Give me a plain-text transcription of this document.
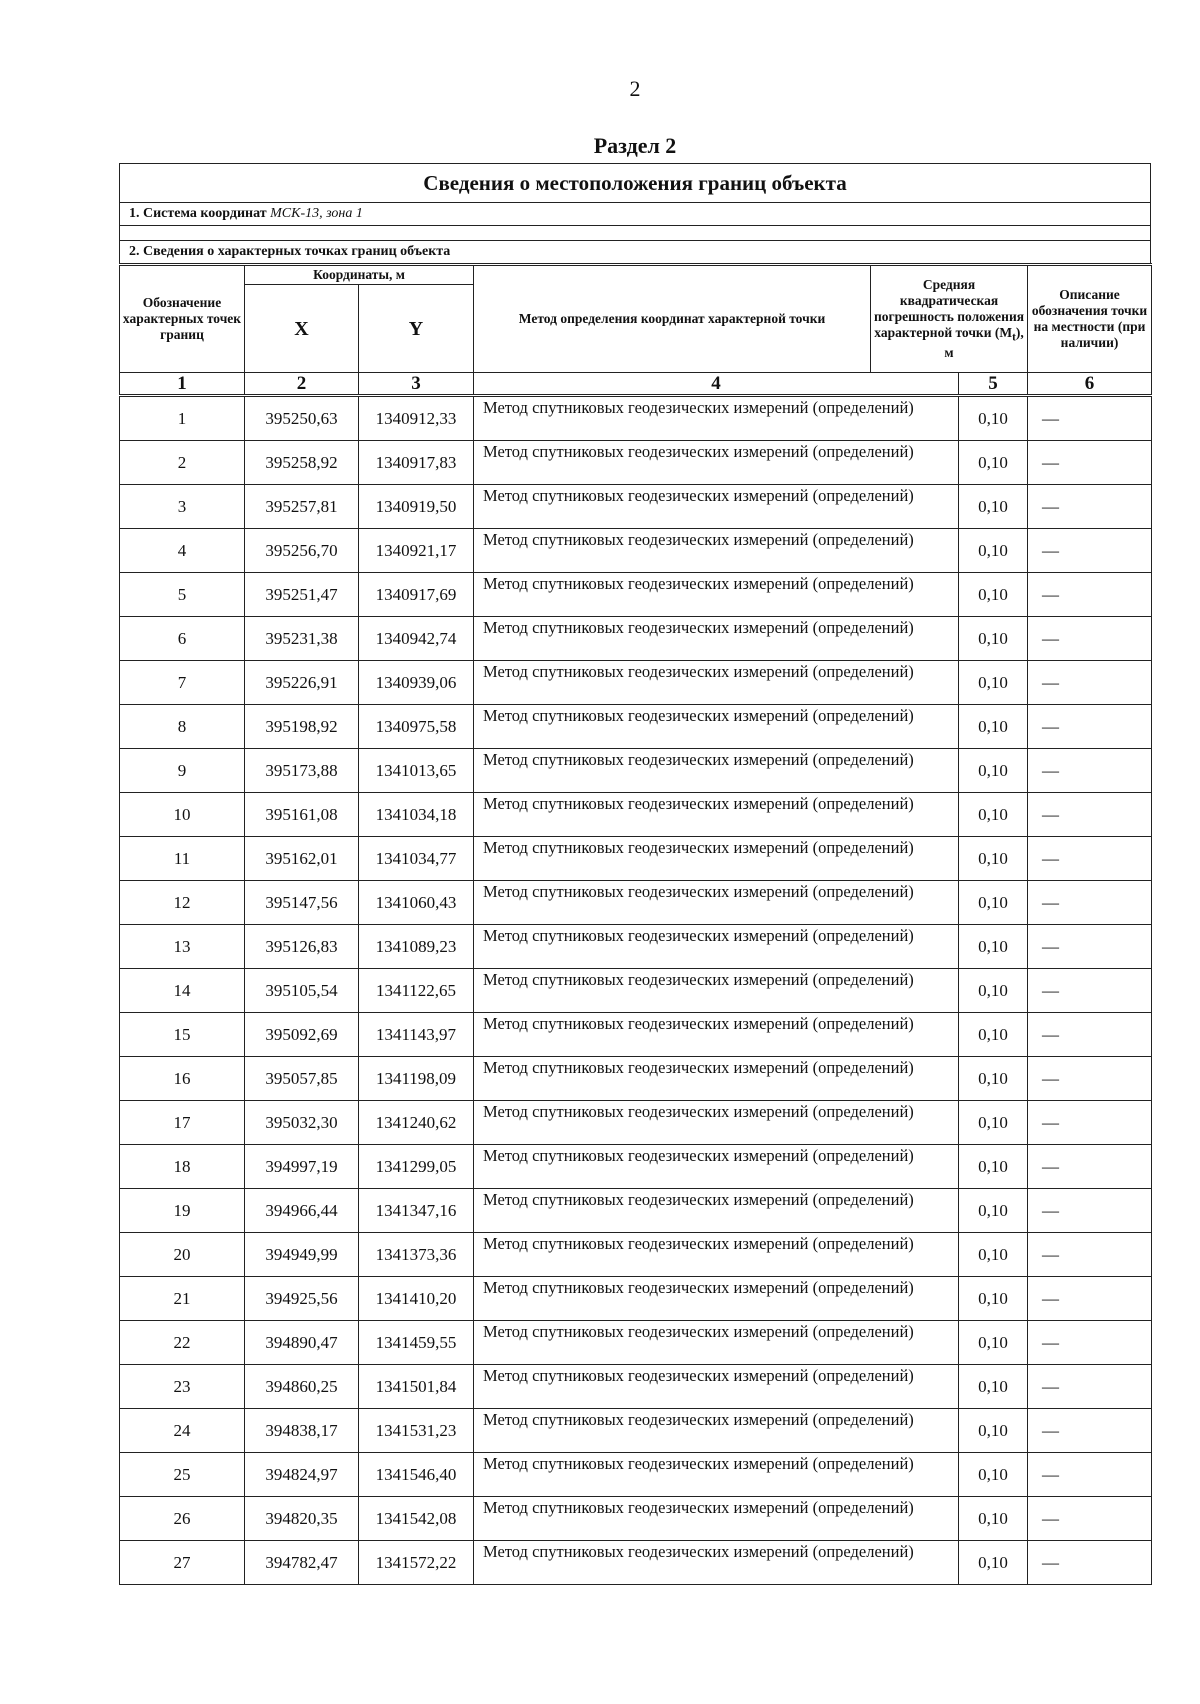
2
Раздел 2
Сведения о местоположения границ объекта
1. Система координат МСК-13, зона 1
2. Сведения о характерных точках границ объекта
Обозначение характерных точек границ	Координаты, м		Метод определения координат характерной точки
Средняя квадратическая погрешность положения характерной точки $(M_t)$, м		Описание обозначения точки на местности (при наличии)
	X	Y			
1	2	3	4	5	6
1	395250,63	1340912,33	Метод спутниковых геодезических измерений (определений)	0,10	—
2	395258,92	1340917,83	Метод спутниковых геодезических измерений (определений)	0,10	—
3	395257,81	1340919,50	Метод спутниковых геодезических измерений (определений)	0,10	—
4	395256,70	1340921,17	Метод спутниковых геодезических измерений (определений)	0,10	—
5	395251,47	1340917,69	Метод спутниковых геодезических измерений (определений)	0,10	—
6	395231,38	1340942,74	Метод спутниковых геодезических измерений (определений)	0,10	—
7	395226,91	1340939,06	Метод спутниковых геодезических измерений (определений)	0,10	—
8	395198,92	1340975,58	Метод спутниковых геодезических измерений (определений)	0,10	—
9	395173,88	1341013,65	Метод спутниковых геодезических измерений (определений)	0,10	—
10	395161,08	1341034,18	Метод спутниковых геодезических измерений (определений)	0,10	—
11	395162,01	1341034,77	Метод спутниковых геодезических измерений (определений)	0,10	—
12	395147,56	1341060,43	Метод спутниковых геодезических измерений (определений)	0,10	—
13	395126,83	1341089,23	Метод спутниковых геодезических измерений (определений)	0,10	—
14	395105,54	1341122,65	Метод спутниковых геодезических измерений (определений)	0,10	—
15	395092,69	1341143,97	Метод спутниковых геодезических измерений (определений)	0,10	—
16	395057,85	1341198,09	Метод спутниковых геодезических измерений (определений)	0,10	—
17	395032,30	1341240,62	Метод спутниковых геодезических измерений (определений)	0,10	—
18	394997,19	1341299,05	Метод спутниковых геодезических измерений (определений)	0,10	—
19	394966,44	1341347,16	Метод спутниковых геодезических измерений (определений)	0,10	—
20	394949,99	1341373,36	Метод спутниковых геодезических измерений (определений)	0,10	—
21	394925,56	1341410,20	Метод спутниковых геодезических измерений (определений)	0,10	—
22	394890,47	1341459,55	Метод спутниковых геодезических измерений (определений)	0,10	—
23	394860,25	1341501,84	Метод спутниковых геодезических измерений (определений)	0,10	—
24	394838,17	1341531,23	Метод спутниковых геодезических измерений (определений)	0,10	—
25	394824,97	1341546,40	Метод спутниковых геодезических измерений (определений)	0,10	—
26	394820,35	1341542,08	Метод спутниковых геодезических измерений (определений)	0,10	—
27	394782,47	1341572,22	Метод спутниковых геодезических измерений (определений)	0,10	—
